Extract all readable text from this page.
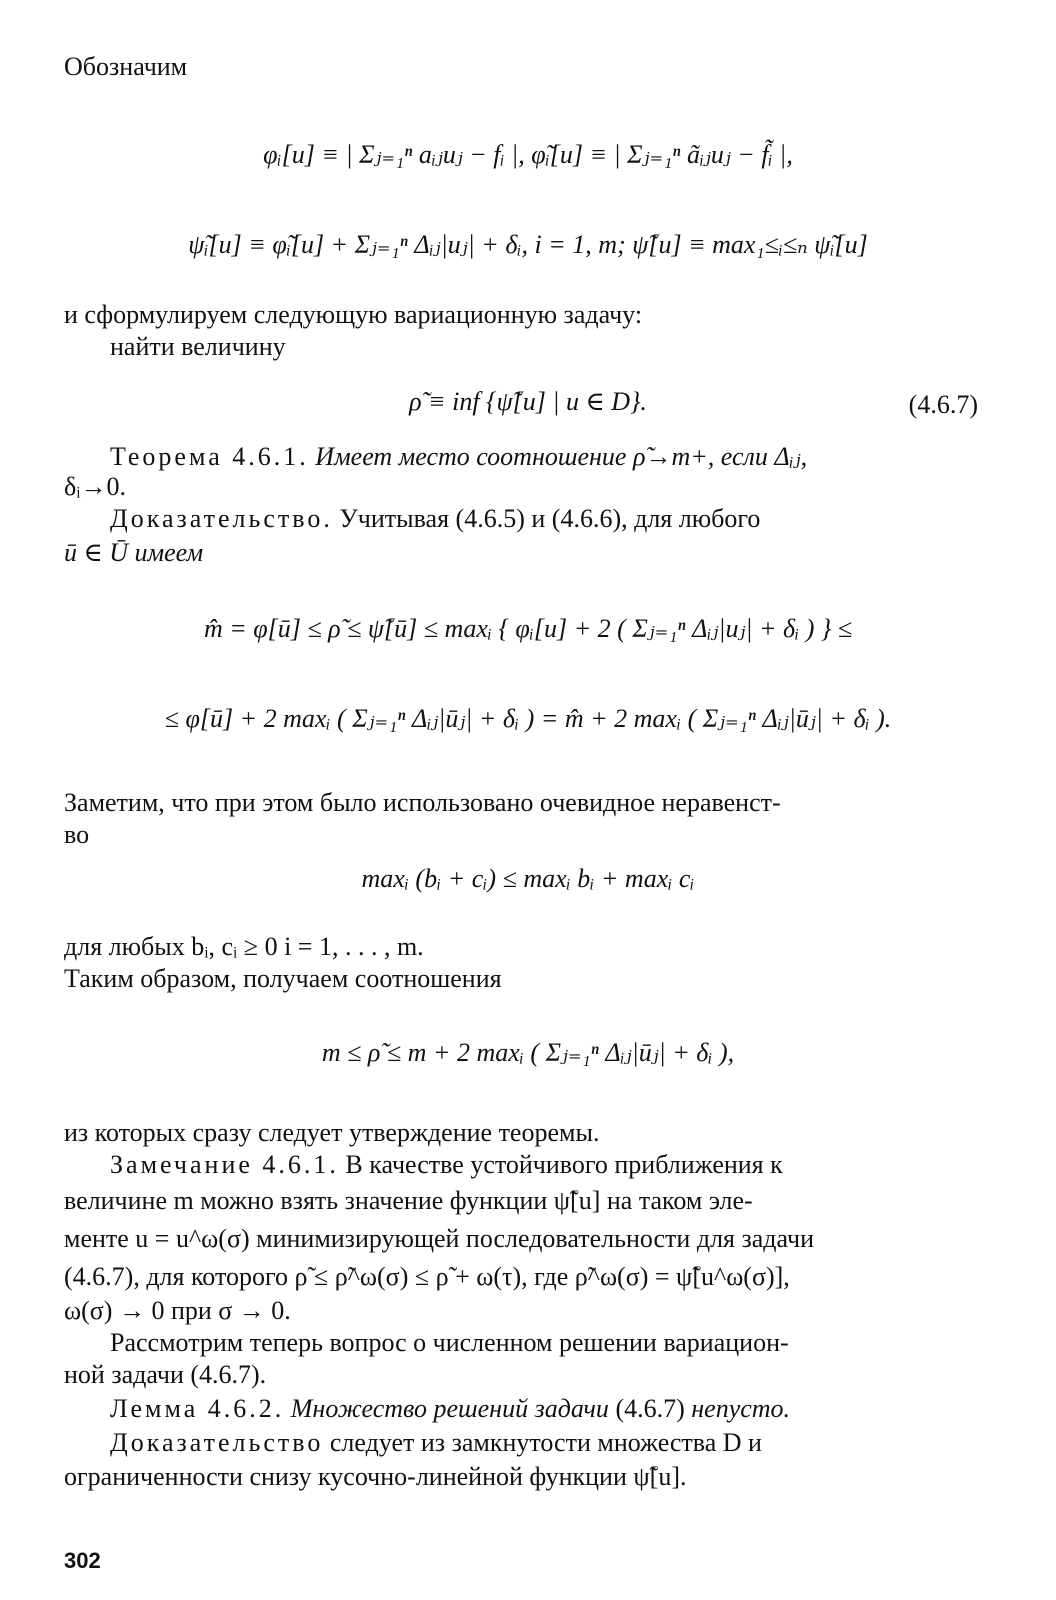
Обозначим
φᵢ[u] ≡ | Σⱼ₌₁ⁿ aᵢⱼuⱼ − fᵢ |, φ̃ᵢ[u] ≡ | Σⱼ₌₁ⁿ ãᵢⱼuⱼ − f̃ᵢ |,
ψ̃ᵢ[u] ≡ φ̃ᵢ[u] + Σⱼ₌₁ⁿ Δᵢⱼ|uⱼ| + δᵢ, i = 1, m; ψ̃[u] ≡ max₁≤ᵢ≤ₙ ψ̃ᵢ[u]
и сформулируем следующую вариационную задачу:
найти величину
ρ̃ ≡ inf {ψ̃[u] | u ∈ D}.	(4.6.7)
Теорема 4.6.1. Имеет место соотношение ρ̃→m+, если Δᵢⱼ,
δᵢ→0.
Доказательство. Учитывая (4.6.5) и (4.6.6), для любого
ū ∈ Ū имеем
m̂ = φ[ū] ≤ ρ̃ ≤ ψ̃[ū] ≤ maxᵢ { φᵢ[u] + 2 ( Σⱼ₌₁ⁿ Δᵢⱼ|uⱼ| + δᵢ ) } ≤
≤ φ[ū] + 2 maxᵢ ( Σⱼ₌₁ⁿ Δᵢⱼ|ūⱼ| + δᵢ ) = m̂ + 2 maxᵢ ( Σⱼ₌₁ⁿ Δᵢⱼ|ūⱼ| + δᵢ ).
Заметим, что при этом было использовано очевидное неравенст-
во
maxᵢ (bᵢ + cᵢ) ≤ maxᵢ bᵢ + maxᵢ cᵢ
для любых bᵢ, cᵢ ≥ 0 i = 1, . . . , m.
Таким образом, получаем соотношения
m ≤ ρ̃ ≤ m + 2 maxᵢ ( Σⱼ₌₁ⁿ Δᵢⱼ|ūⱼ| + δᵢ ),
из которых сразу следует утверждение теоремы.
Замечание 4.6.1. В качестве устойчивого приближения к
величине m можно взять значение функции ψ̃[u] на таком эле-
менте u = u^ω(σ) минимизирующей последовательности для задачи
(4.6.7), для которого ρ̃ ≤ ρ̃^ω(σ) ≤ ρ̃ + ω(τ), где ρ̃^ω(σ) = ψ̃[u^ω(σ)],
ω(σ) → 0 при σ → 0.
Рассмотрим теперь вопрос о численном решении вариацион-
ной задачи (4.6.7).
Лемма 4.6.2. Множество решений задачи (4.6.7) непусто.
Доказательство следует из замкнутости множества D и
ограниченности снизу кусочно-линейной функции ψ̃[u].
302
